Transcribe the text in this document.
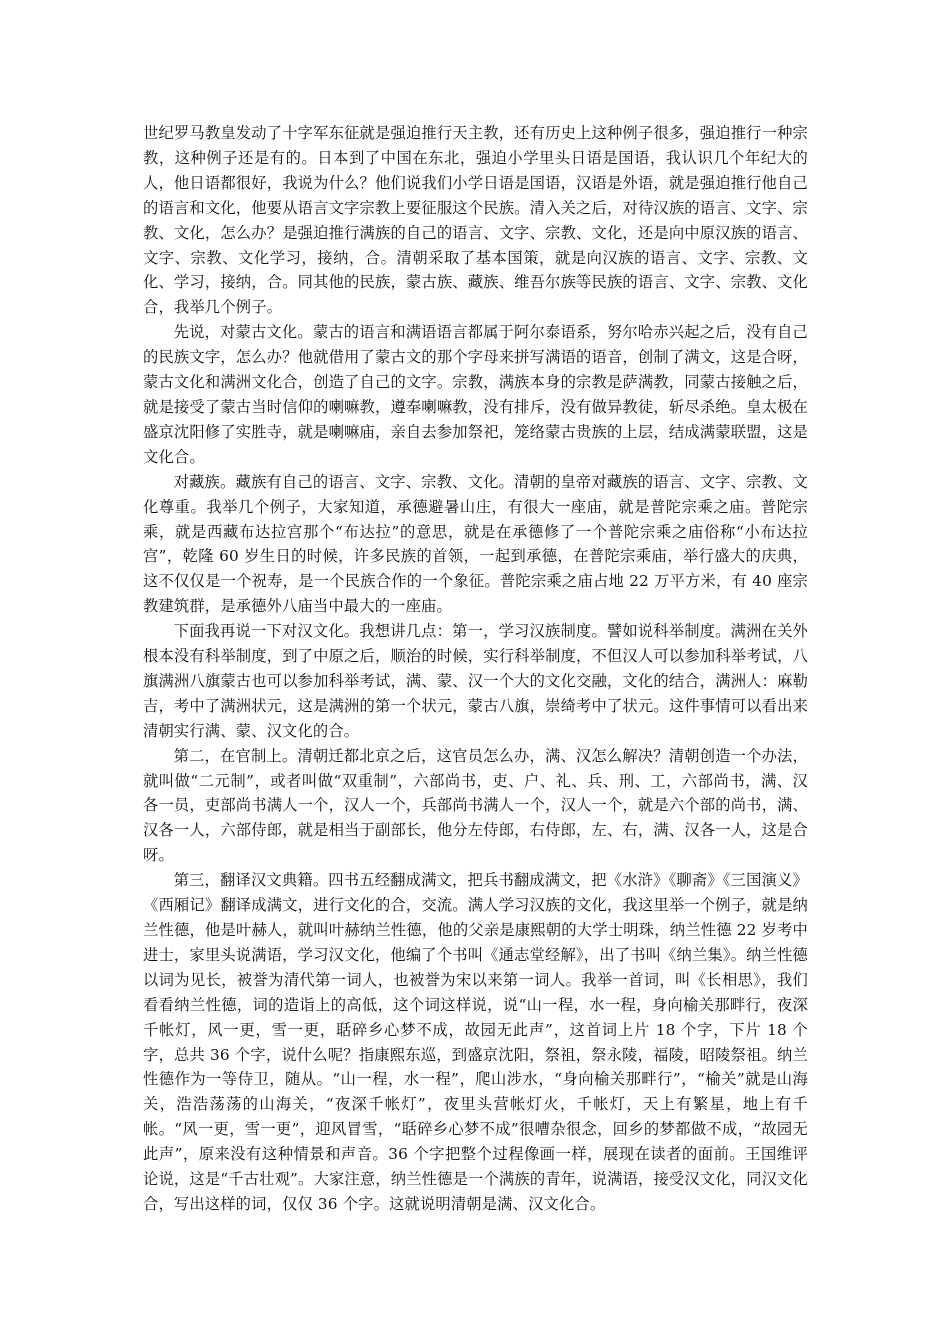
世纪罗马教皇发动了十字军东征就是强迫推行天主教，还有历史上这种例子很多，强迫推行一种宗教，这种例子还是有的。日本到了中国在东北，强迫小学里头日语是国语，我认识几个年纪大的人，他日语都很好，我说为什么？他们说我们小学日语是国语，汉语是外语，就是强迫推行他自己的语言和文化，他要从语言文字宗教上要征服这个民族。清入关之后，对待汉族的语言、文字、宗教、文化，怎么办？是强迫推行满族的自己的语言、文字、宗教、文化，还是向中原汉族的语言、文字、宗教、文化学习，接纳，合。清朝采取了基本国策，就是向汉族的语言、文字、宗教、文化、学习，接纳，合。同其他的民族，蒙古族、藏族、维吾尔族等民族的语言、文字、宗教、文化合，我举几个例子。

先说，对蒙古文化。蒙古的语言和满语语言都属于阿尔泰语系，努尔哈赤兴起之后，没有自己的民族文字，怎么办？他就借用了蒙古文的那个字母来拼写满语的语音，创制了满文，这是合呀，蒙古文化和满洲文化合，创造了自己的文字。宗教，满族本身的宗教是萨满教，同蒙古接触之后，就是接受了蒙古当时信仰的喇嘛教，遵奉喇嘛教，没有排斥，没有做异教徒，斩尽杀绝。皇太极在盛京沈阳修了实胜寺，就是喇嘛庙，亲自去参加祭祀，笼络蒙古贵族的上层，结成满蒙联盟，这是文化合。

对藏族。藏族有自己的语言、文字、宗教、文化。清朝的皇帝对藏族的语言、文字、宗教、文化尊重。我举几个例子，大家知道，承德避暑山庄，有很大一座庙，就是普陀宗乘之庙。普陀宗乘，就是西藏布达拉宫那个“布达拉”的意思，就是在承德修了一个普陀宗乘之庙俗称“小布达拉宫”，乾隆 60 岁生日的时候，许多民族的首领，一起到承德，在普陀宗乘庙，举行盛大的庆典，这不仅仅是一个祝寿，是一个民族合作的一个象征。普陀宗乘之庙占地 22 万平方米，有 40 座宗教建筑群，是承德外八庙当中最大的一座庙。

下面我再说一下对汉文化。我想讲几点：第一，学习汉族制度。譬如说科举制度。满洲在关外根本没有科举制度，到了中原之后，顺治的时候，实行科举制度，不但汉人可以参加科举考试，八旗满洲八旗蒙古也可以参加科举考试，满、蒙、汉一个大的文化交融，文化的结合，满洲人：麻勒吉，考中了满洲状元，这是满洲的第一个状元，蒙古八旗，崇绮考中了状元。这件事情可以看出来清朝实行满、蒙、汉文化的合。

第二，在官制上。清朝迁都北京之后，这官员怎么办，满、汉怎么解决？清朝创造一个办法，就叫做“二元制”，或者叫做“双重制”，六部尚书，吏、户、礼、兵、刑、工，六部尚书，满、汉各一员，吏部尚书满人一个，汉人一个，兵部尚书满人一个，汉人一个，就是六个部的尚书，满、汉各一人，六部侍郎，就是相当于副部长，他分左侍郎，右侍郎，左、右，满、汉各一人，这是合呀。

第三，翻译汉文典籍。四书五经翻成满文，把兵书翻成满文，把《水浒》《聊斋》《三国演义》《西厢记》翻译成满文，进行文化的合，交流。满人学习汉族的文化，我这里举一个例子，就是纳兰性德，他是叶赫人，就叫叶赫纳兰性德，他的父亲是康熙朝的大学士明珠，纳兰性德 22 岁考中进士，家里头说满语，学习汉文化，他编了个书叫《通志堂经解》，出了书叫《纳兰集》。纳兰性德以词为见长，被誉为清代第一词人，也被誉为宋以来第一词人。我举一首词，叫《长相思》，我们看看纳兰性德，词的造诣上的高低，这个词这样说，说“山一程，水一程，身向榆关那畔行，夜深千帐灯，风一更，雪一更，聒碎乡心梦不成，故园无此声”，这首词上片 18 个字，下片 18 个字，总共 36 个字，说什么呢？指康熙东巡，到盛京沈阳，祭祖，祭永陵，福陵，昭陵祭祖。纳兰性德作为一等侍卫，随从。“山一程，水一程”，爬山涉水，“身向榆关那畔行”，“榆关”就是山海关，浩浩荡荡的山海关，“夜深千帐灯”，夜里头营帐灯火，千帐灯，天上有繁星，地上有千帐。“风一更，雪一更”，迎风冒雪，“聒碎乡心梦不成”很嘈杂很念，回乡的梦都做不成，“故园无此声”，原来没有这种情景和声音。36 个字把整个过程像画一样，展现在读者的面前。王国维评论说，这是“千古壮观”。大家注意，纳兰性德是一个满族的青年，说满语，接受汉文化，同汉文化合，写出这样的词，仅仅 36 个字。这就说明清朝是满、汉文化合。
